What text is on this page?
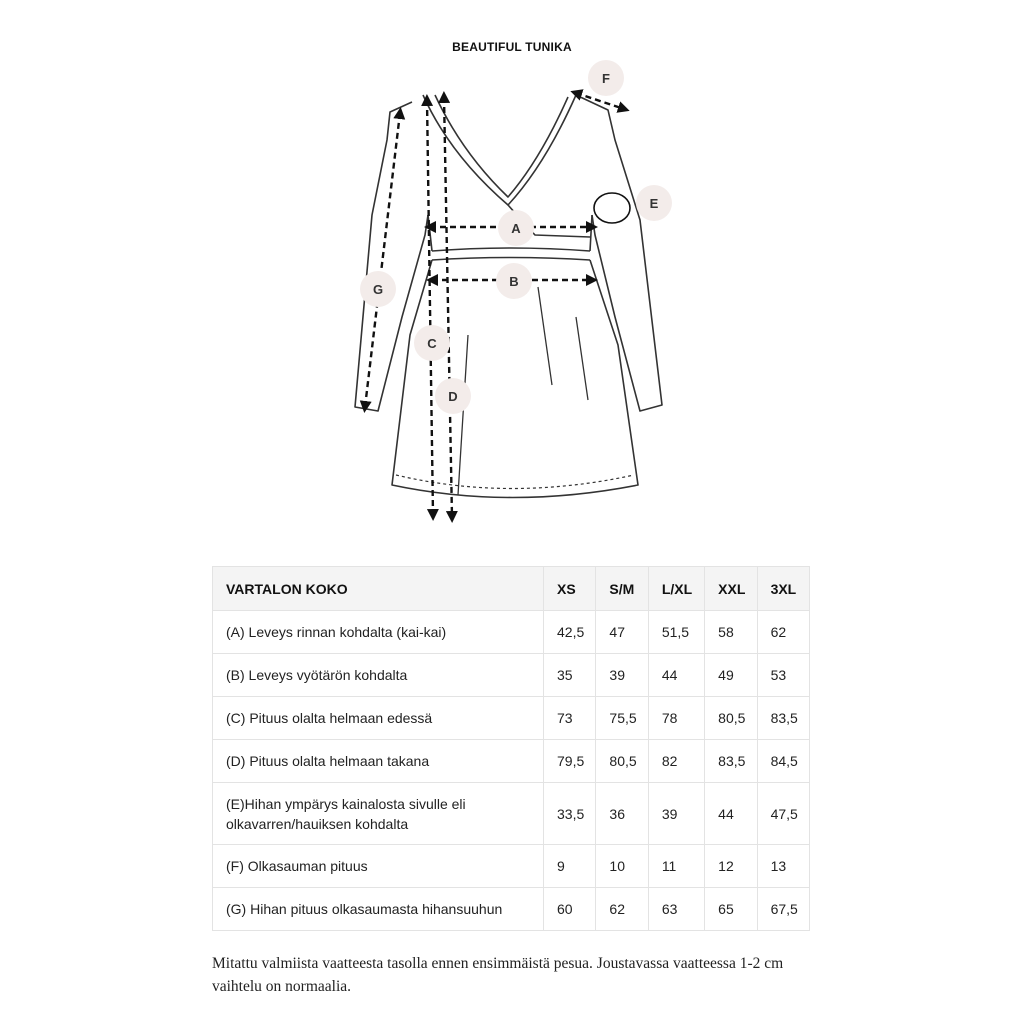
BEAUTIFUL TUNIKA
A
B
C
D
E
F
G
VARTALON KOKO	XS	S/M	L/XL	XXL	3XL
(A) Leveys rinnan kohdalta (kai-kai)	42,5	47	51,5	58	62
(B) Leveys vyötärön kohdalta	35	39	44	49	53
(C) Pituus olalta helmaan edessä	73	75,5	78	80,5	83,5
(D) Pituus olalta helmaan takana	79,5	80,5	82	83,5	84,5
(E)Hihan ympärys kainalosta sivulle eli olkavarren/hauiksen kohdalta	33,5	36	39	44	47,5
(F) Olkasauman pituus	9	10	11	12	13
(G) Hihan pituus olkasaumasta hihansuuhun	60	62	63	65	67,5
Mitattu valmiista vaatteesta tasolla ennen ensimmäistä pesua. Joustavassa vaatteessa 1-2 cm vaihtelu on normaalia.
